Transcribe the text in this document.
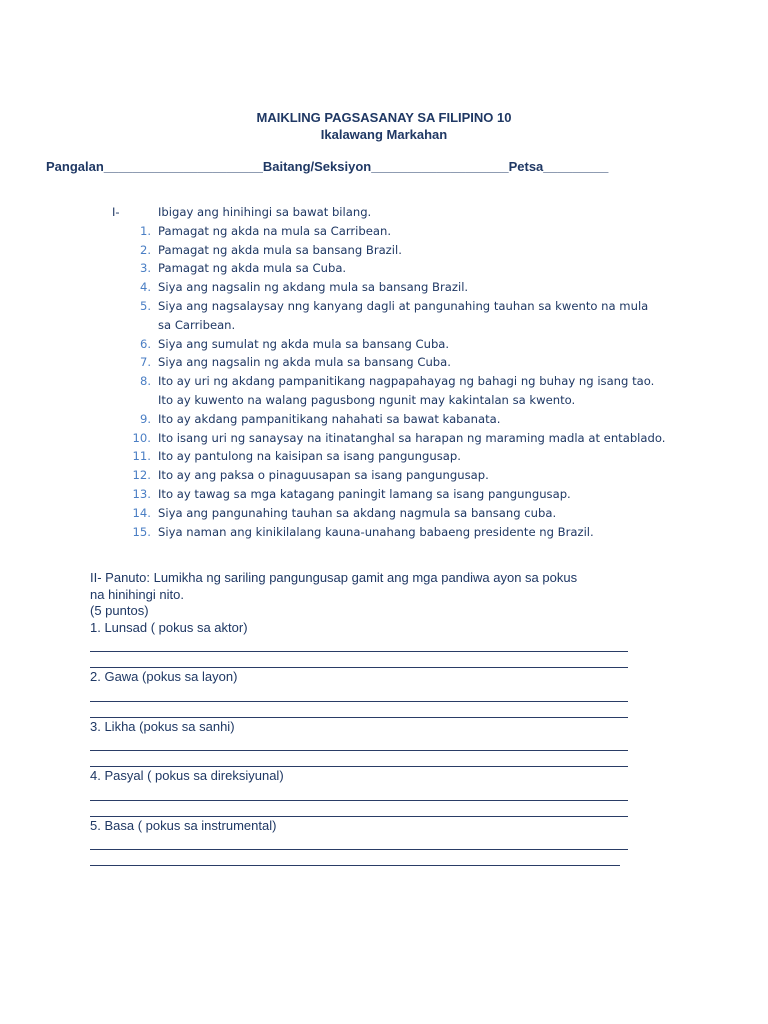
MAIKLING PAGSASANAY SA FILIPINO 10
Ikalawang Markahan
Pangalan______________________Baitang/Seksiyon___________________Petsa_________
I-	Ibigay ang hinihingi sa bawat bilang.
1. Pamagat ng akda na mula sa Carribean.
2. Pamagat ng akda mula sa bansang Brazil.
3. Pamagat ng akda mula sa Cuba.
4. Siya ang nagsalin ng akdang mula sa bansang Brazil.
5. Siya ang nagsalaysay nng kanyang dagli at pangunahing tauhan sa kwento na mula sa Carribean.
6. Siya ang sumulat ng akda mula sa bansang Cuba.
7. Siya ang nagsalin ng akda mula sa bansang Cuba.
8. Ito ay uri ng akdang pampanitikang nagpapahayag ng bahagi ng buhay ng isang tao. Ito ay kuwento na walang pagusbong ngunit may kakintalan sa kwento.
9. Ito ay akdang pampanitikang nahahati sa bawat kabanata.
10. Ito isang uri ng sanaysay na itinatanghal sa harapan ng maraming madla at entablado.
11. Ito ay pantulong na kaisipan sa isang pangungusap.
12. Ito ay ang paksa o pinaguusapan sa isang pangungusap.
13. Ito ay tawag sa mga katagang paningit lamang sa isang pangungusap.
14. Siya ang pangunahing tauhan sa akdang nagmula sa bansang cuba.
15. Siya naman ang kinikilalang kauna-unahang babaeng presidente ng Brazil.
II- Panuto: Lumikha ng sariling pangungusap gamit ang mga pandiwa ayon sa pokus
na hinihingi nito.
(5 puntos)
1. Lunsad ( pokus sa aktor)
2. Gawa (pokus sa layon)
3. Likha (pokus sa sanhi)
4. Pasyal ( pokus sa direksiyunal)
5. Basa ( pokus sa instrumental)
